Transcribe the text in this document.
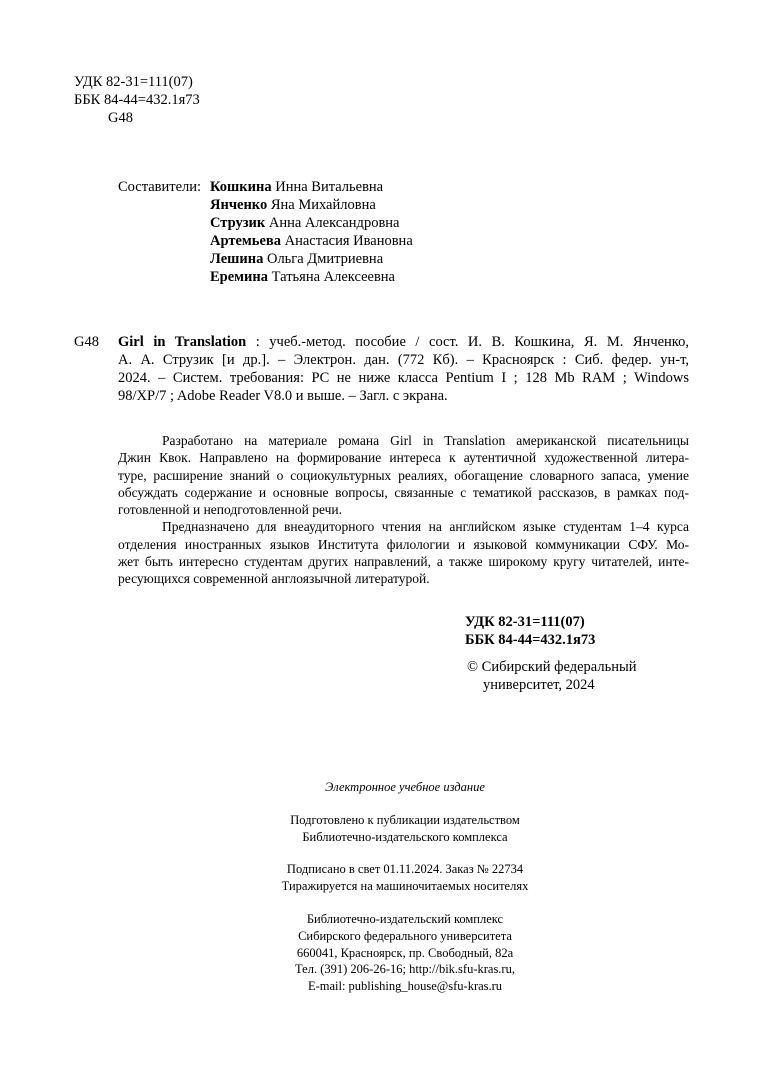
УДК 82-31=111(07)
ББК 84-44=432.1я73
G48
Составители: Кошкина Инна Витальевна
Янченко Яна Михайловна
Струзик Анна Александровна
Артемьева Анастасия Ивановна
Лешина Ольга Дмитриевна
Еремина Татьяна Алексеевна
G48 Girl in Translation : учеб.-метод. пособие / сост. И. В. Кошкина, Я. М. Янченко,
А. А. Струзик [и др.]. – Электрон. дан. (772 Кб). – Красноярск : Сиб. федер. ун-т,
2024. – Систем. требования: PC не ниже класса Pentium I ; 128 Mb RAM ; Windows
98/XP/7 ; Adobe Reader V8.0 и выше. – Загл. с экрана.
Разработано на материале романа Girl in Translation американской писательницы
Джин Квок. Направлено на формирование интереса к аутентичной художественной литера-
туре, расширение знаний о социокультурных реалиях, обогащение словарного запаса, умение
обсуждать содержание и основные вопросы, связанные с тематикой рассказов, в рамках под-
готовленной и неподготовленной речи.
Предназначено для внеаудиторного чтения на английском языке студентам 1–4 курса
отделения иностранных языков Института филологии и языковой коммуникации СФУ. Мо-
жет быть интересно студентам других направлений, а также широкому кругу читателей, инте-
ресующихся современной англоязычной литературой.
УДК 82-31=111(07)
ББК 84-44=432.1я73
© Сибирский федеральный
университет, 2024
Электронное учебное издание
Подготовлено к публикации издательством
Библиотечно-издательского комплекса
Подписано в свет 01.11.2024. Заказ № 22734
Тиражируется на машиночитаемых носителях
Библиотечно-издательский комплекс
Сибирского федерального университета
660041, Красноярск, пр. Свободный, 82а
Тел. (391) 206-26-16; http://bik.sfu-kras.ru,
E-mail: publishing_house@sfu-kras.ru
